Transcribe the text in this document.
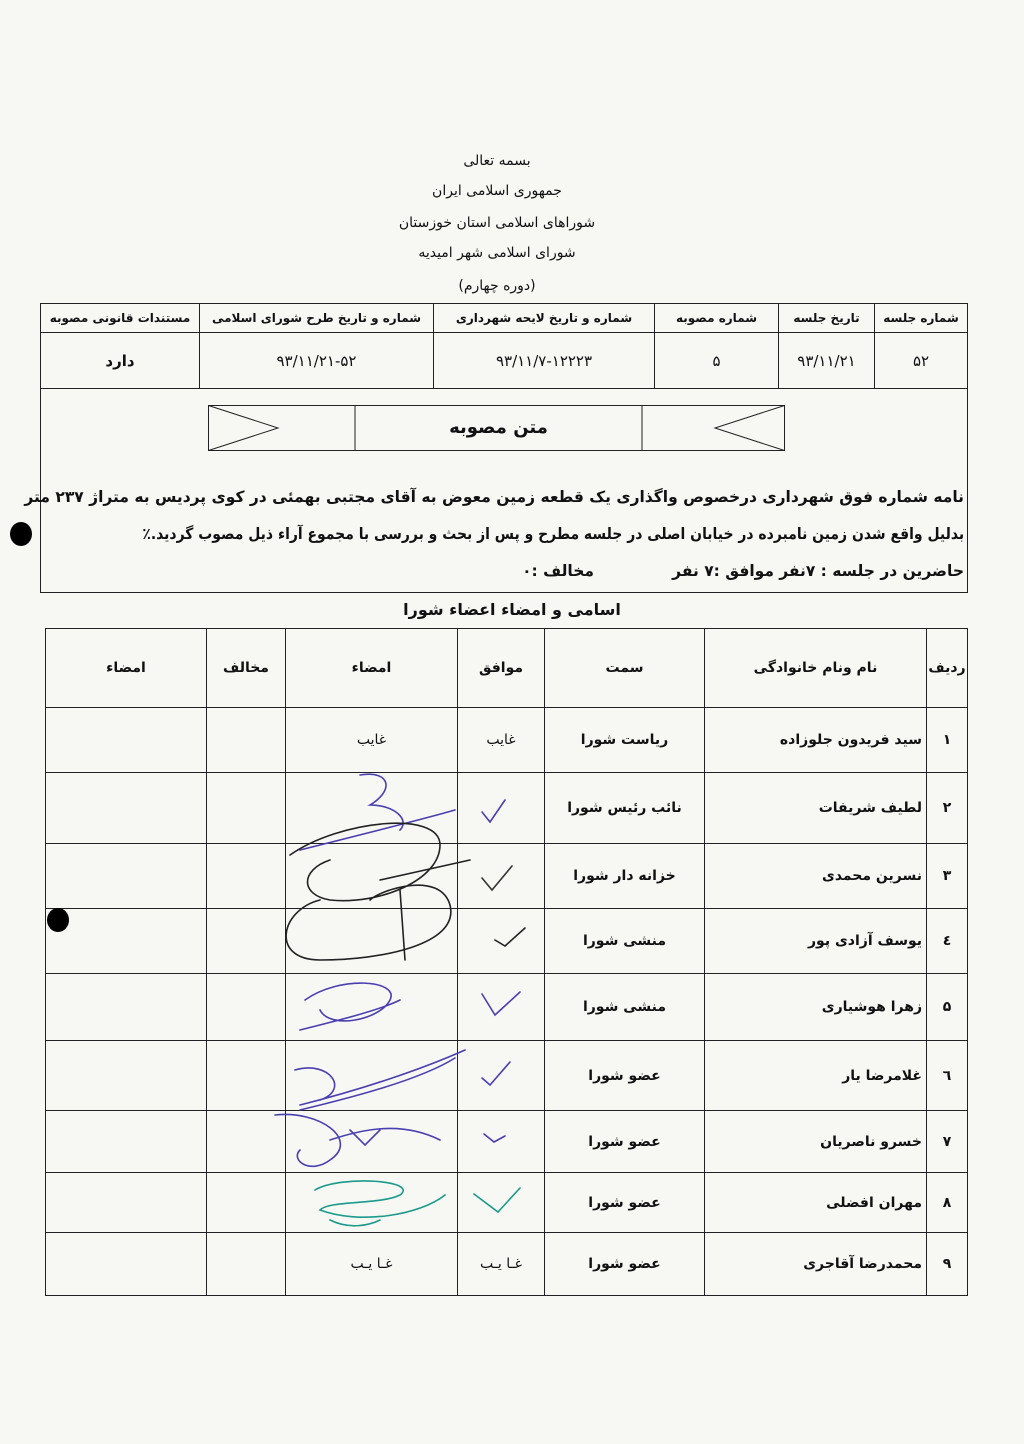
بسمه تعالی
جمهوری اسلامی ایران
شوراهای اسلامی استان خوزستان
شورای اسلامی شهر امیدیه
(دوره چهارم)
شماره جلسه	تاریخ جلسه	شماره مصوبه	شماره و تاریخ لایحه شهرداری	شماره و تاریخ طرح شورای اسلامی	مستندات قانونی مصوبه
۵۲	۹۳/۱۱/۲۱	۵	۹۳/۱۱/۷-۱۲۲۲۳	۹۳/۱۱/۲۱-۵۲	دارد
متن مصوبه
نامه شماره فوق شهرداری درخصوص واگذاری یک قطعه زمین معوض به آقای مجتبی بهمئی در کوی پردیس به متراژ ۲۳۷ متر
بدلیل واقع شدن زمین نامبرده در خیابان اصلی در جلسه مطرح و پس از بحث و بررسی با مجموع آراء ذیل مصوب گردید.٪
حاضرین در جلسه : ۷نفر
موافق :۷ نفر
مخالف :۰
اسامی و امضاء اعضاء شورا
ردیف	نام ونام خانوادگی	سمت	موافق	امضاء	مخالف	امضاء
۱	سید فریدون جلوزاده	ریاست شورا	غایب	غایب		
۲	لطیف شریفات	نائب رئیس شورا				
۳	نسرین محمدی	خزانه دار شورا				
٤	یوسف آزادی پور	منشی شورا				
۵	زهرا هوشیاری	منشی شورا				
٦	غلامرضا یار	عضو شورا				
۷	خسرو ناصریان	عضو شورا				
۸	مهران افضلی	عضو شورا				
۹	محمدرضا آقاجری	عضو شورا	غـا یـب	غـا یـب		
